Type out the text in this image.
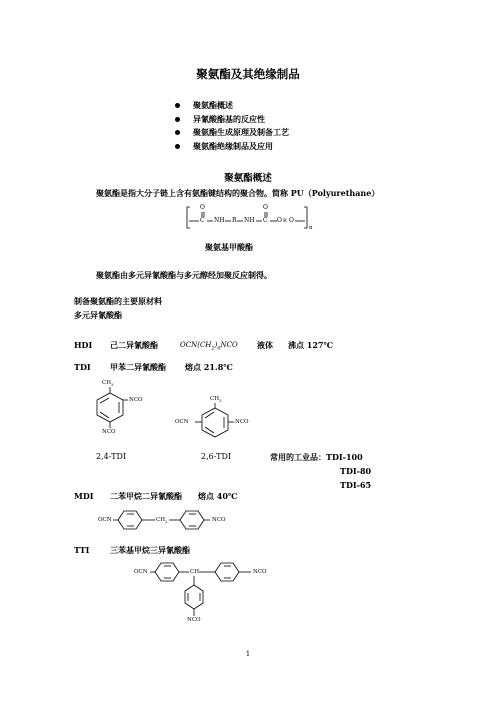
聚氨酯及其绝缘制品
聚氨酯概述
异氰酸酯基的反应性
聚氨酯生成原理及制备工艺
聚氨酯绝缘制品及应用
聚氨酯概述
聚氨酯是指大分子链上含有氨酯键结构的聚合物。简称 PU（Polyurethane）
O	O
C NH R NH C O R O
n
聚氨基甲酸酯
聚氨酯由多元异氰酸酯与多元醇经加聚反应制得。
制备聚氨酯的主要原材料
多元异氰酸酯
HDI 己二异氰酸酯	$OCN(CH_2)_6NCO$ 液体 沸点 127℃
TDI 甲苯二异氰酸酯 熔点 21.8℃
$CH_3$
NCO
NCO
$CH_3$
OCN	NCO
2,4-TDI	2,6-TDI	常用的工业品：TDI-100
TDI-80
TDI-65
MDI 二苯甲烷二异氰酸酯 熔点 40℃
OCN	$CH_2$	NCO
TTI	三苯基甲烷三异氰酸酯
OCN	CH	NCO
NCO
1
